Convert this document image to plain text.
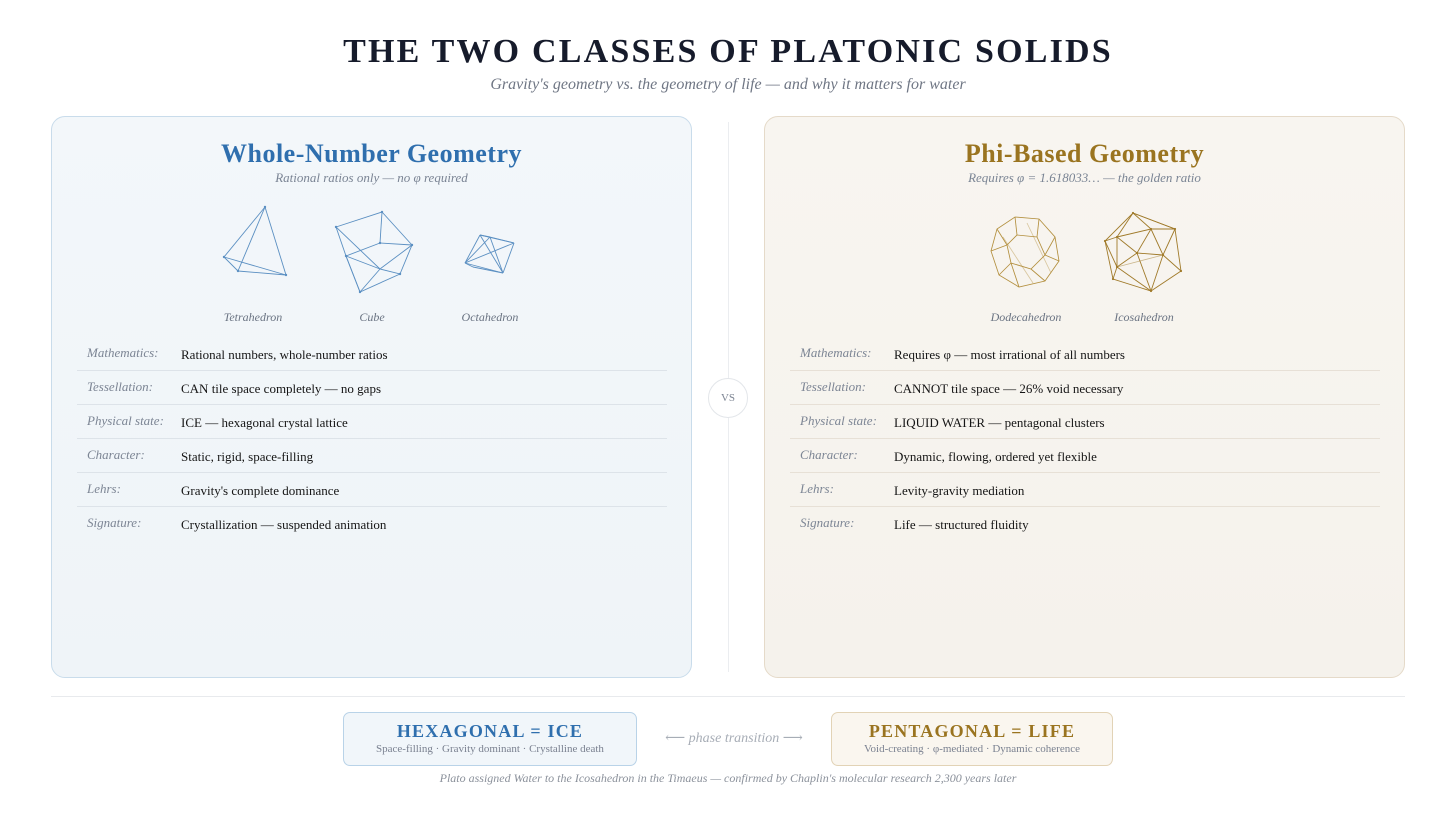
THE TWO CLASSES OF PLATONIC SOLIDS
Gravity's geometry vs. the geometry of life — and why it matters for water
Whole-Number Geometry
Rational ratios only — no φ required
Tetrahedron	Cube	Octahedron
Mathematics: Rational numbers, whole-number ratios
Tessellation: CAN tile space completely — no gaps
Physical state: ICE — hexagonal crystal lattice
Character:	Static, rigid, space-filling
Lehrs:	Gravity's complete dominance
Signature:	Crystallization — suspended animation
VS
Phi-Based Geometry
Requires φ = 1.618033… — the golden ratio
Dodecahedron	Icosahedron
Mathematics: Requires φ — most irrational of all numbers
Tessellation: CANNOT tile space — 26% void necessary
Physical state: LIQUID WATER — pentagonal clusters
Character:	Dynamic, flowing, ordered yet flexible
Lehrs:	Levity-gravity mediation
Signature:	Life — structured fluidity
HEXAGONAL = ICE
Space-filling · Gravity dominant · Crystalline death
⟵ phase transition ⟶	PENTAGONAL = LIFE
Void-creating · φ-mediated · Dynamic coherence
Plato assigned Water to the Icosahedron in the Timaeus — confirmed by Chaplin's molecular research 2,300 years later
